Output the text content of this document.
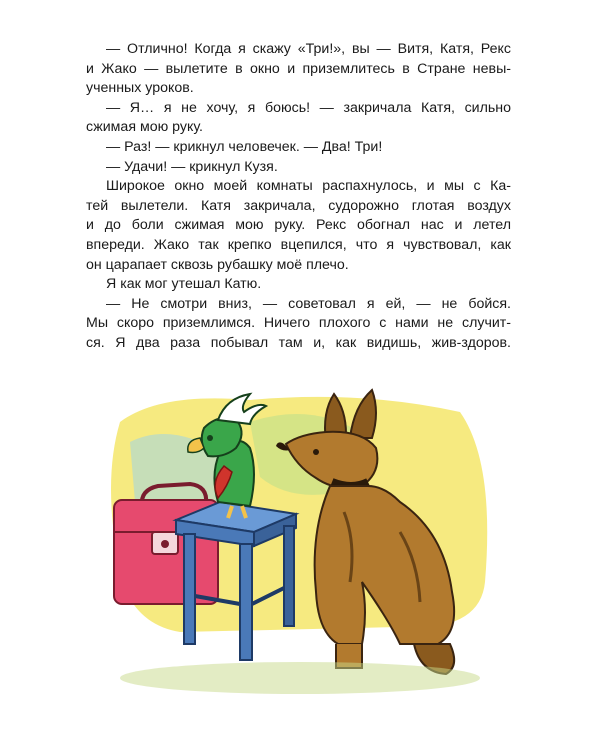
— Отлично! Когда я скажу «Три!», вы — Витя, Катя, Рекс
и Жако — вылетите в окно и приземлитесь в Стране невы-
ученных уроков.
— Я… я не хочу, я боюсь! — закричала Катя, сильно
сжимая мою руку.
— Раз! — крикнул человечек. — Два! Три!
— Удачи! — крикнул Кузя.
Широкое окно моей комнаты распахнулось, и мы с Ка-
тей вылетели. Катя закричала, судорожно глотая воздух
и до боли сжимая мою руку. Рекс обогнал нас и летел
впереди. Жако так крепко вцепился, что я чувствовал, как
он царапает сквозь рубашку моё плечо.
Я как мог утешал Катю.
— Не смотри вниз, — советовал я ей, — не бойся.
Мы скоро приземлимся. Ничего плохого с нами не случит-
ся. Я два раза побывал там и, как видишь, жив-здоров.
